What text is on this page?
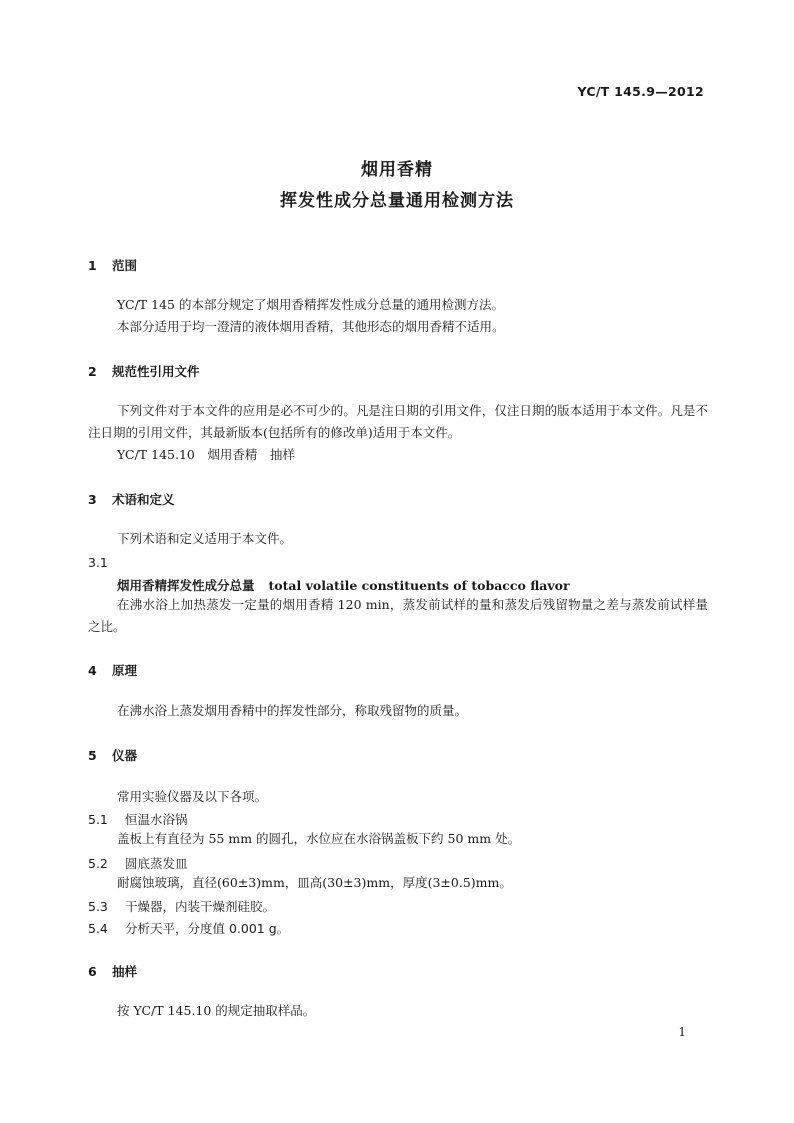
YC/T 145.9—2012
烟用香精
挥发性成分总量通用检测方法
1 范围
YC/T 145 的本部分规定了烟用香精挥发性成分总量的通用检测方法。
本部分适用于均一澄清的液体烟用香精，其他形态的烟用香精不适用。
2 规范性引用文件
下列文件对于本文件的应用是必不可少的。凡是注日期的引用文件，仅注日期的版本适用于本文件。凡是不注日期的引用文件，其最新版本(包括所有的修改单)适用于本文件。
YC/T 145.10　烟用香精　抽样
3 术语和定义
下列术语和定义适用于本文件。
3.1
烟用香精挥发性成分总量 total volatile constituents of tobacco flavor
在沸水浴上加热蒸发一定量的烟用香精 120 min，蒸发前试样的量和蒸发后残留物量之差与蒸发前试样量之比。
4 原理
在沸水浴上蒸发烟用香精中的挥发性部分，称取残留物的质量。
5 仪器
常用实验仪器及以下各项。
5.1 恒温水浴锅
盖板上有直径为 55 mm 的圆孔，水位应在水浴锅盖板下约 50 mm 处。
5.2 圆底蒸发皿
耐腐蚀玻璃，直径(60±3)mm，皿高(30±3)mm，厚度(3±0.5)mm。
5.3 干燥器，内装干燥剂硅胶。
5.4 分析天平，分度值 0.001 g。
6 抽样
按 YC/T 145.10 的规定抽取样品。
1
